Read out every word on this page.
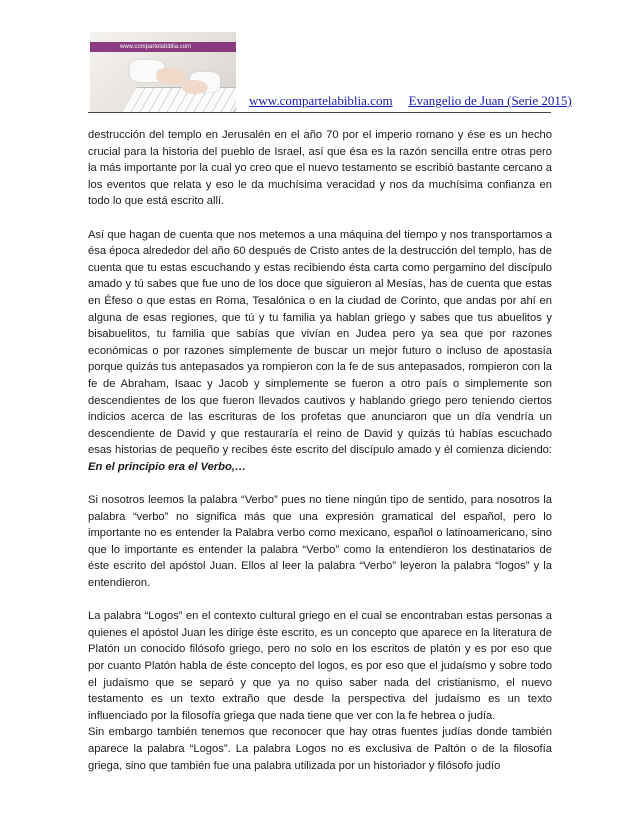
www.compartelabiblia.com
www.compartelabiblia.com Evangelio de Juan (Serie 2015)

destrucción del templo en Jerusalén en el año 70 por el imperio romano y ése es un hecho crucial para la historia del pueblo de Israel, así que ésa es la razón sencilla entre otras pero la más importante por la cual yo creo que el nuevo testamento se escribió bastante cercano a los eventos que relata y eso le da muchísima veracidad y nos da muchísima confianza en todo lo que está escrito allí.

Así que hagan de cuenta que nos metemos a una máquina del tiempo y nos transportamos a ésa época alrededor del año 60 después de Cristo antes de la destrucción del templo, has de cuenta que tu estas escuchando y estas recibiendo ésta carta como pergamino del discípulo amado y tú sabes que fue uno de los doce que siguieron al Mesías, has de cuenta que estas en Éfeso o que estas en Roma, Tesalónica o en la ciudad de Corinto, que andas por ahí en alguna de esas regiones, que tú y tu familia ya hablan griego y sabes que tus abuelitos y bisabuelitos, tu familia que sabías que vivían en Judea pero ya sea que por razones económicas o por razones simplemente de buscar un mejor futuro o incluso de apostasía porque quizás tus antepasados ya rompieron con la fe de sus antepasados, rompieron con la fe de Abraham, Isaac y Jacob y simplemente se fueron a otro país o simplemente son descendientes de los que fueron llevados cautivos y hablando griego pero teniendo ciertos indicios acerca de las escrituras de los profetas que anunciaron que un día vendría un descendiente de David y que restauraría el reino de David y quizás tú habías escuchado esas historias de pequeño y recibes éste escrito del discípulo amado y él comienza diciendo: En el principio era el Verbo,…

Si nosotros leemos la palabra “Verbo” pues no tiene ningún tipo de sentido, para nosotros la palabra “verbo” no significa más que una expresión gramatical del español, pero lo importante no es entender la Palabra verbo como mexicano, español o latinoamericano, sino que lo importante es entender la palabra “Verbo” como la entendieron los destinatarios de éste escrito del apóstol Juan. Ellos al leer la palabra “Verbo” leyeron la palabra “logos” y la entendieron.

La palabra “Logos” en el contexto cultural griego en el cual se encontraban estas personas a quienes el apóstol Juan les dirige éste escrito, es un concepto que aparece en la literatura de Platón un conocido filósofo griego, pero no solo en los escritos de platón y es por eso que por cuanto Platón habla de éste concepto del logos, es por eso que el judaísmo y sobre todo el judaísmo que se separó y que ya no quiso saber nada del cristianismo, el nuevo testamento es un texto extraño que desde la perspectiva del judaísmo es un texto influenciado por la filosofía griega que nada tiene que ver con la fe hebrea o judía.

Sin embargo también tenemos que reconocer que hay otras fuentes judías donde también aparece la palabra “Logos”. La palabra Logos no es exclusiva de Paltón o de la filosofía griega, sino que también fue una palabra utilizada por un historiador y filósofo judío
